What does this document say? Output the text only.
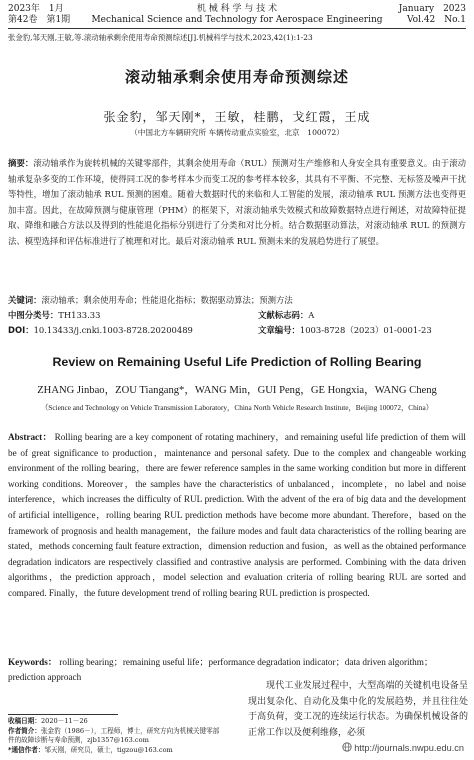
2023年　1月
第42卷　第1期
机 械 科 学 与 技 术
Mechanical Science and Technology for Aerospace Engineering
January　2023
Vol.42　No.1
张金豹,邹天刚,王敏,等.滚动轴承剩余使用寿命预测综述[J].机械科学与技术,2023,42(1):1-23
滚动轴承剩余使用寿命预测综述
张金豹，邹天刚*，王敏，桂鹏，戈红霞，王成
（中国北方车辆研究所 车辆传动重点实验室，北京　100072）
摘要：滚动轴承作为旋转机械的关键零部件，其剩余使用寿命（RUL）预测对生产维修和人身安全具有重要意义。由于滚动轴承复杂多变的工作环境，使得同工况的参考样本少而变工况的参考样本较多，其具有不平衡、不完整、无标签及噪声干扰等特性，增加了滚动轴承 RUL 预测的困难。随着大数据时代的来临和人工智能的发展，滚动轴承 RUL 预测方法也变得更加丰富。因此，在故障预测与健康管理（PHM）的框架下，对滚动轴承失效模式和故障数据特点进行阐述，对故障特征提取、降维和融合方法以及得到的性能退化指标分别进行了分类和对比分析。结合数据驱动算法，对滚动轴承 RUL 的预测方法、模型选择和评估标准进行了梳理和对比。最后对滚动轴承 RUL 预测未来的发展趋势进行了展望。
关键词：滚动轴承；剩余使用寿命；性能退化指标；数据驱动算法；预测方法
中图分类号：TH133.33	文献标志码：A
DOI：10.13433/j.cnki.1003-8728.20200489	文章编号：1003-8728（2023）01-0001-23
Review on Remaining Useful Life Prediction of Rolling Bearing
ZHANG Jinbao，ZOU Tiangang*，WANG Min，GUI Peng，GE Hongxia，WANG Cheng
（Science and Technology on Vehicle Transmission Laboratory，China North Vehicle Research Institute，Beijing 100072，China）
Abstract： Rolling bearing are a key component of rotating machinery，and remaining useful life prediction of them will be of great significance to production，maintenance and personal safety. Due to the complex and changeable working environment of the rolling bearing，there are fewer reference samples in the same working condition but more in different working conditions. Moreover，the samples have the characteristics of unbalanced，incomplete，no label and noise interference，which increases the difficulty of RUL prediction. With the advent of the era of big data and the development of artificial intelligence，rolling bearing RUL prediction methods have become more abundant. Therefore，based on the framework of prognosis and health management，the failure modes and fault data characteristics of the rolling bearing are stated，methods concerning fault feature extraction，dimension reduction and fusion，as well as the obtained performance degradation indicators are respectively classified and contrastive analysis are performed. Combining with the data driven algorithms，the prediction approach，model selection and evaluation criteria of rolling bearing RUL are sorted and compared. Finally，the future development trend of rolling bearing RUL prediction is prospected.
Keywords： rolling bearing；remaining useful life；performance degradation indicator；data driven algorithm；prediction approach
收稿日期：2020－11－26
作者简介：张金豹（1986－），工程师，博士，研究方向为机械关键零部件的故障诊断与寿命预测，zjb1357@163.com
*通信作者：邹天刚，研究员，硕士，tigzou@163.com

现代工业发展过程中，大型高端的关键机电设备呈现出复杂化、自动化及集中化的发展趋势，并且往往处于高负荷，变工况的连续运行状态。为确保机械设备的正常工作以及便利维修，必须

http://journals.nwpu.edu.cn
